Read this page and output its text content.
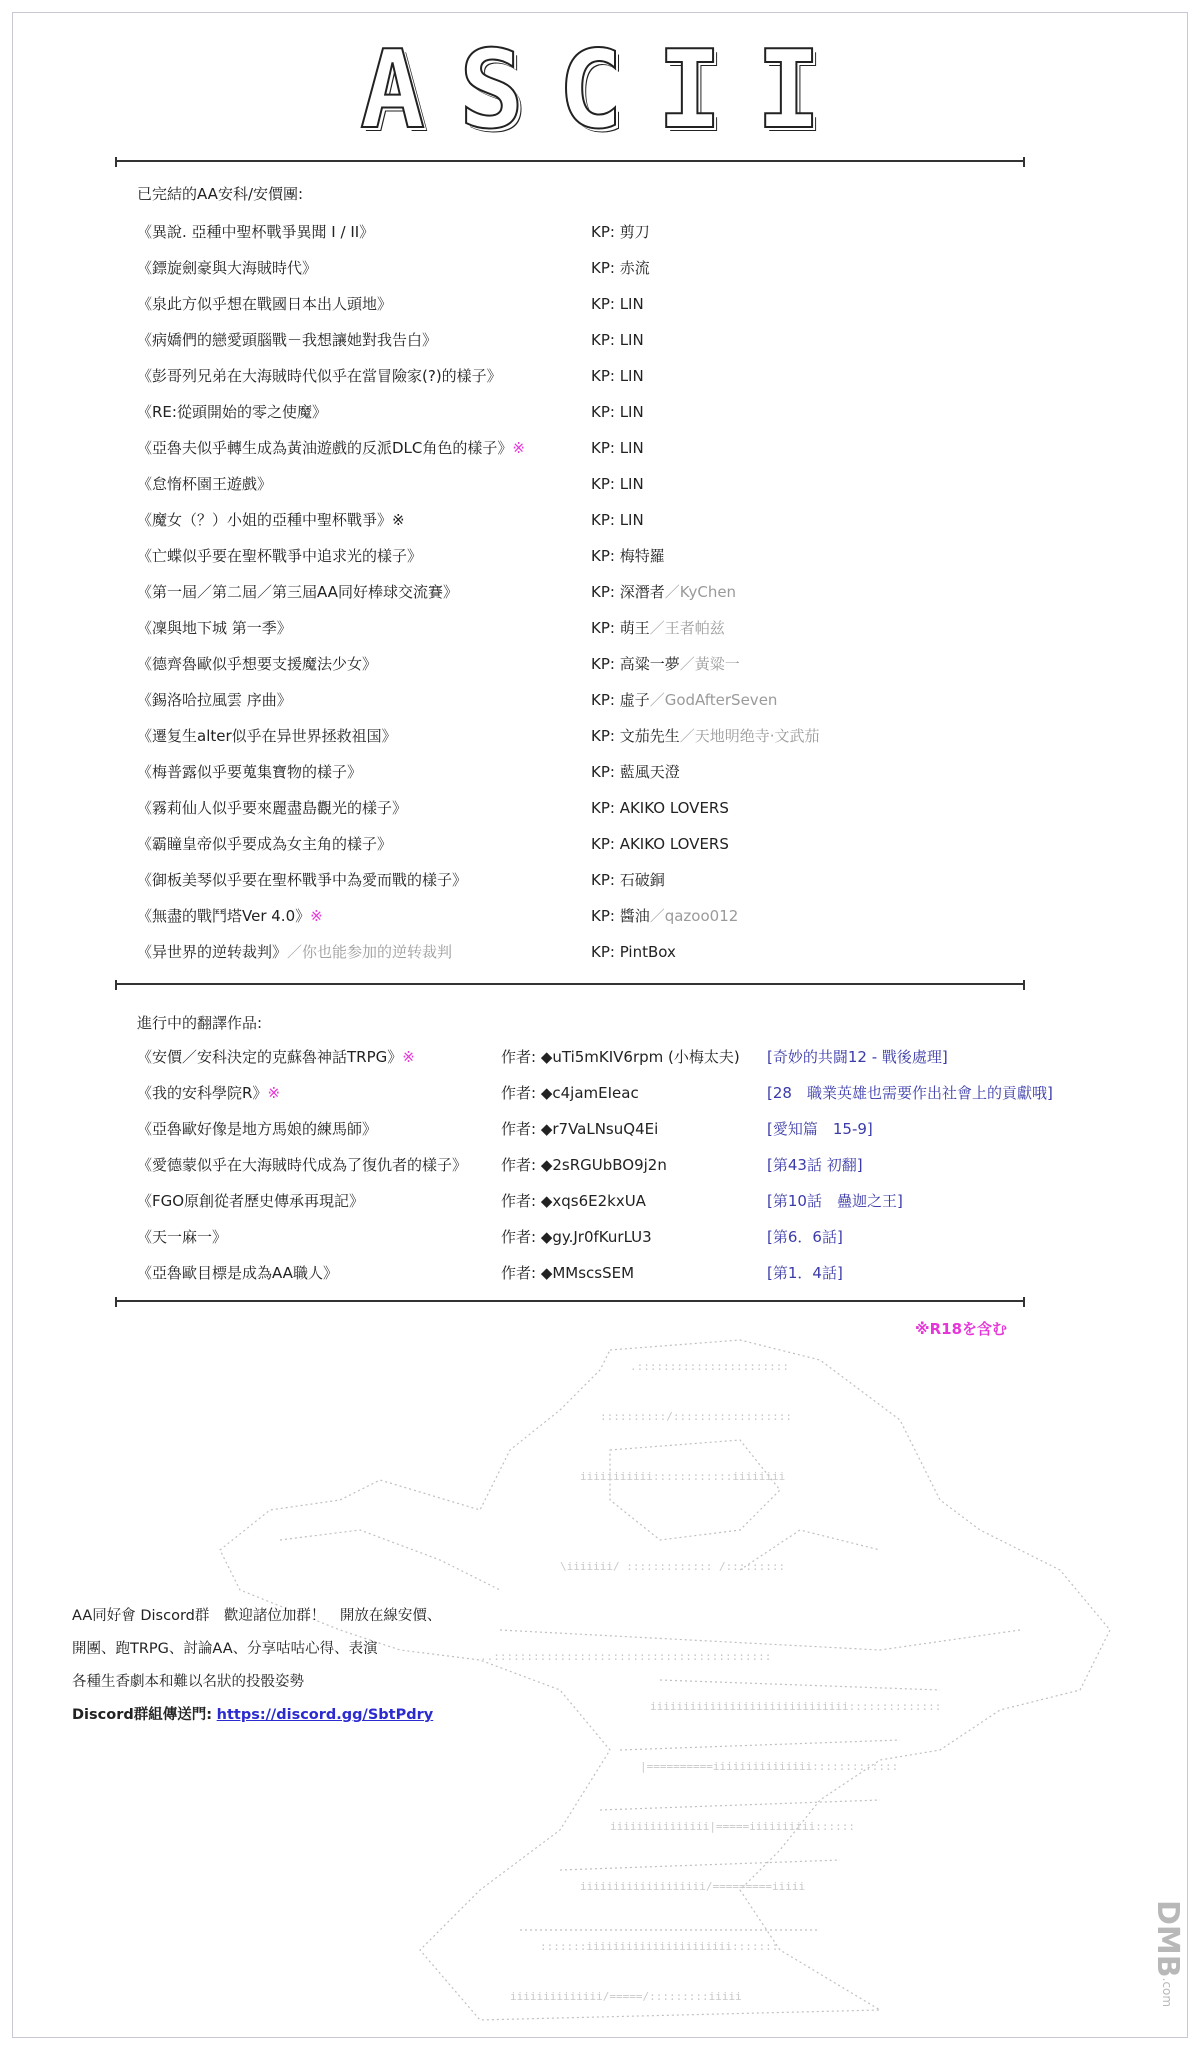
ASCII
已完結的AA安科/安價團:
《異說. 亞種中聖杯戰爭異聞 I / II》	KP: 剪刀
《鏢旋劍豪與大海賊時代》	KP: 赤流
《泉此方似乎想在戰國日本出人頭地》	KP: LIN
《病嬌們的戀愛頭腦戰－我想讓她對我告白》	KP: LIN
《彭哥列兄弟在大海賊時代似乎在當冒險家(?)的樣子》	KP: LIN
《RE:從頭開始的零之使魔》	KP: LIN
《亞魯夫似乎轉生成為黃油遊戲的反派DLC角色的樣子》※	KP: LIN
《怠惰杯園王遊戲》	KP: LIN
《魔女（？）小姐的亞種中聖杯戰爭》※	KP: LIN
《亡蝶似乎要在聖杯戰爭中追求光的樣子》	KP: 梅特羅
《第一屆／第二屆／第三屆AA同好棒球交流賽》	KP: 深潛者／KyChen
《凜與地下城 第一季》	KP: 萌王／王者帕兹
《德齊魯歐似乎想要支援魔法少女》	KP: 高粱一夢／黃粱一
《錫洛哈拉風雲 序曲》	KP: 虛子／GodAfterSeven
《遷复生alter似乎在异世界拯救祖国》	KP: 文茄先生／天地明绝寺·文武茄
《梅普露似乎要蒐集寶物的樣子》	KP: 藍風天澄
《霧莉仙人似乎要來麗盡島觀光的樣子》	KP: AKIKO LOVERS
《霸瞳皇帝似乎要成為女主角的樣子》	KP: AKIKO LOVERS
《御板美琴似乎要在聖杯戰爭中為愛而戰的樣子》	KP: 石破銅
《無盡的戰鬥塔Ver 4.0》※	KP: 醬油／qazoo012
《异世界的逆转裁判》／你也能参加的逆转裁判	KP: PintBox
進行中的翻譯作品:
《安價／安科決定的克蘇魯神話TRPG》※	作者: ◆uTi5mKIV6rpm (小梅太夫) [奇妙的共闘12 - 戰後處理]
《我的安科學院R》※	作者: ◆c4jamEIeac	[28　職業英雄也需要作出社會上的貢獻哦]
《亞魯歐好像是地方馬娘的練馬師》	作者: ◆r7VaLNsuQ4Ei	[愛知篇　15-9]
《愛德蒙似乎在大海賊時代成為了復仇者的樣子》 作者: ◆2sRGUbBO9j2n	[第43話 初翻]
《FGO原創從者歷史傳承再現記》	作者: ◆xqs6E2kxUA	[第10話　蠱迦之王]
《天一麻一》	作者: ◆gy.Jr0fKurLU3	[第6．6話]
《亞魯歐目標是成為AA職人》	作者: ◆MMscsSEM	[第1．4話]
※R18を含む
.:::::::::::::::::::::::
::::::::::/::::::::::::::::::
iiiiiiiiiii::::::::::::iiiiiiii
\iiiiiii/ ::::::::::::: /:::::::::
..::::::::::::::::::::::::::::::::::::::::::
iiiiiiiiiiiiiiiiiiiiiiiiiiiiii::::::::::::::
|==========iiiiiiiiiiiiiii:::::::::::::
iiiiiiiiiiiiiii|=====iiiiiiiiii::::::
iiiiiiiiiiiiiiiiiii/=========iiiii
:::::::iiiiiiiiiiiiiiiiiiiiii:::::::
iiiiiiiiiiiiii/=====/:::::::::iiiii
AA同好會 Discord群　歡迎諸位加群！　開放在線安價、
開團、跑TRPG、討論AA、分享咕咕心得、表演
各種生香劇本和難以名狀的投骰姿勢
Discord群組傳送門: https://discord.gg/SbtPdry
DMB.com
